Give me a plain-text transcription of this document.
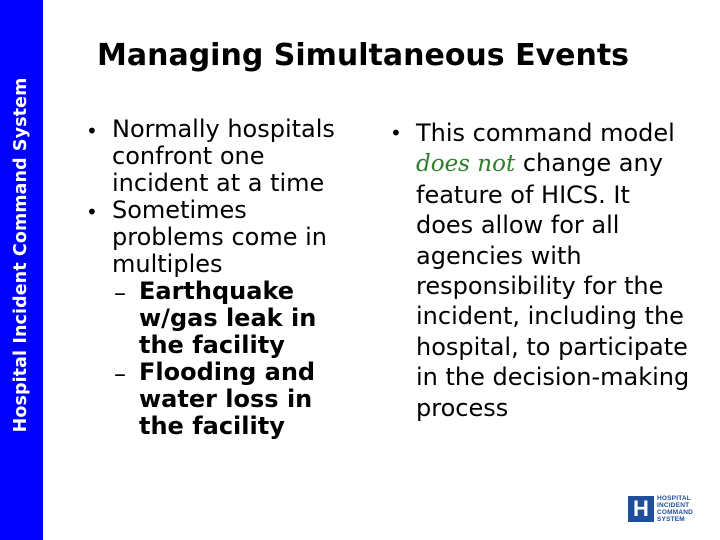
Hospital Incident Command System
Managing Simultaneous Events
• Normally hospitals confront one incident at a time
• Sometimes problems come in multiples
– Earthquake w/gas leak in the facility
– Flooding and water loss in the facility
• This command model does not change any feature of HICS. It does allow for all agencies with responsibility for the incident, including the hospital, to participate in the decision-making process
H	HOSPITAL
INCIDENT
COMMAND
SYSTEM
